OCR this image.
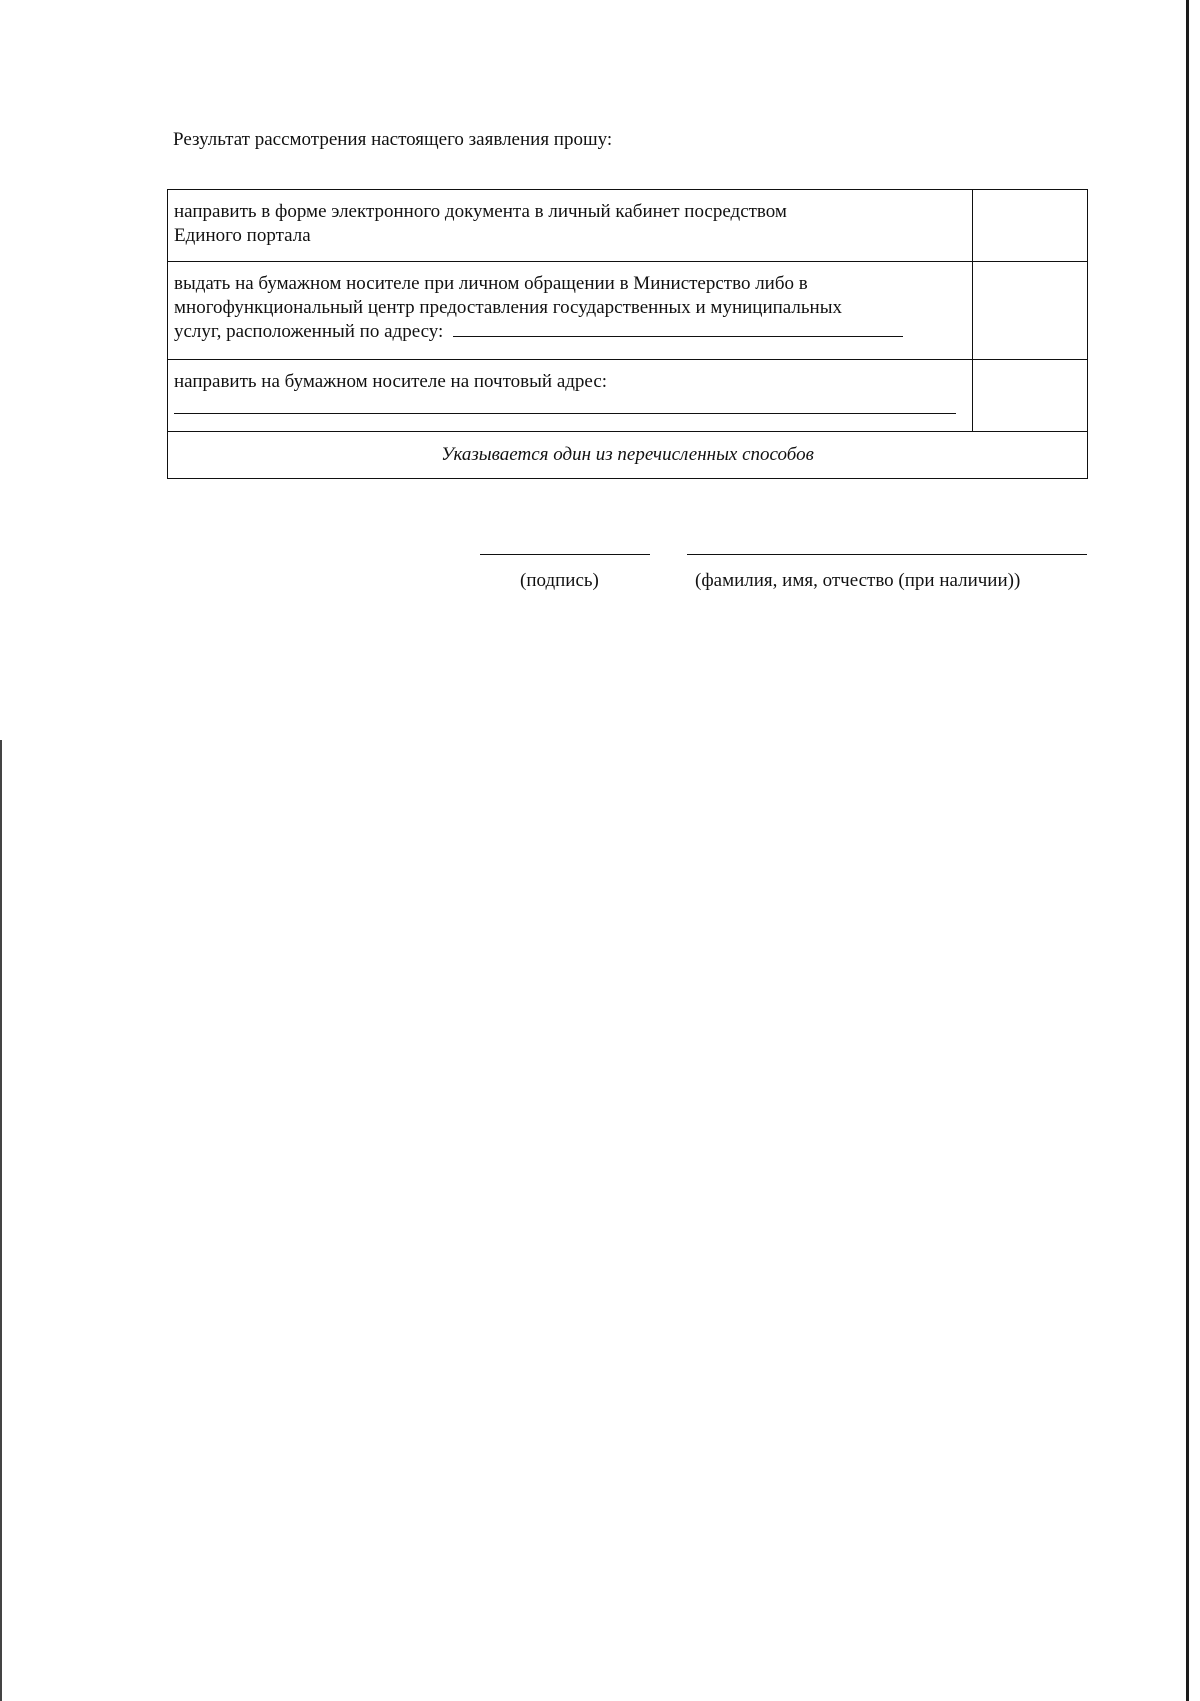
Результат рассмотрения настоящего заявления прошу:
направить в форме электронного документа в личный кабинет посредством
Единого портала	

выдать на бумажном носителе при личном обращении в Министерство либо в
многофункциональный центр предоставления государственных и муниципальных
услуг, расположенный по адресу:	

направить на бумажном носителе на почтовый адрес:	

Указывается один из перечисленных способов	
(подпись)	(фамилия, имя, отчество (при наличии))
